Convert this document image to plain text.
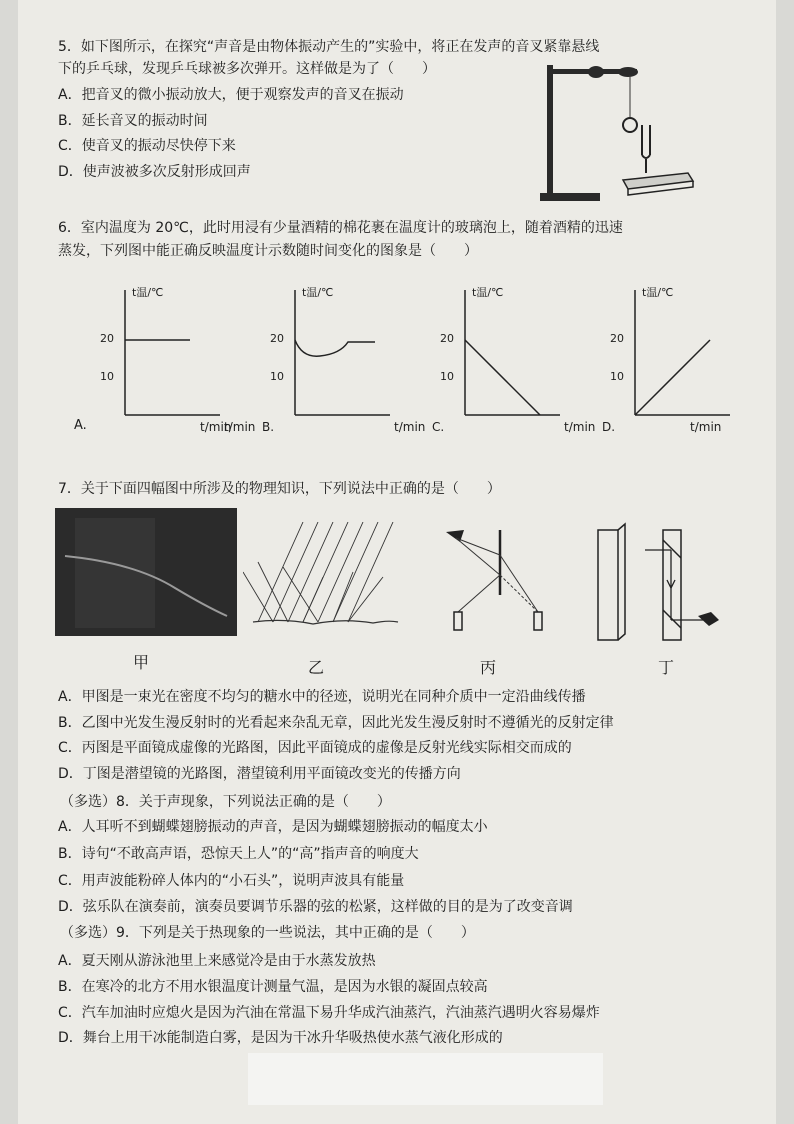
5．如下图所示，在探究“声音是由物体振动产生的”实验中，将正在发声的音叉紧靠悬线
下的乒乓球，发现乒乓球被多次弹开。这样做是为了（　　）
A．把音叉的微小振动放大，便于观察发声的音叉在振动
B．延长音叉的振动时间
C．使音叉的振动尽快停下来
D．使声波被多次反射形成回声
6．室内温度为 20℃，此时用浸有少量酒精的棉花裹在温度计的玻璃泡上，随着酒精的迅速
蒸发，下列图中能正确反映温度计示数随时间变化的图象是（　　）
t温/℃
20
10
t/min
A.
t温/℃
20
10
t/min B.
t温/℃
20
10
t/min C.
t温/℃
20
10
t/min D.	t/min
7．关于下面四幅图中所涉及的物理知识，下列说法中正确的是（　　）
甲	乙	丙	丁
A．甲图是一束光在密度不均匀的糖水中的径迹，说明光在同种介质中一定沿曲线传播
B．乙图中光发生漫反射时的光看起来杂乱无章，因此光发生漫反射时不遵循光的反射定律
C．丙图是平面镜成虚像的光路图，因此平面镜成的虚像是反射光线实际相交而成的
D．丁图是潜望镜的光路图，潜望镜利用平面镜改变光的传播方向
（多选）8．关于声现象，下列说法正确的是（　　）
A．人耳听不到蝴蝶翅膀振动的声音，是因为蝴蝶翅膀振动的幅度太小
B．诗句“不敢高声语，恐惊天上人”的“高”指声音的响度大
C．用声波能粉碎人体内的“小石头”，说明声波具有能量
D．弦乐队在演奏前，演奏员要调节乐器的弦的松紧，这样做的目的是为了改变音调
（多选）9．下列是关于热现象的一些说法，其中正确的是（　　）
A．夏天刚从游泳池里上来感觉冷是由于水蒸发放热
B．在寒冷的北方不用水银温度计测量气温，是因为水银的凝固点较高
C．汽车加油时应熄火是因为汽油在常温下易升华成汽油蒸汽，汽油蒸汽遇明火容易爆炸
D．舞台上用干冰能制造白雾，是因为干冰升华吸热使水蒸气液化形成的
